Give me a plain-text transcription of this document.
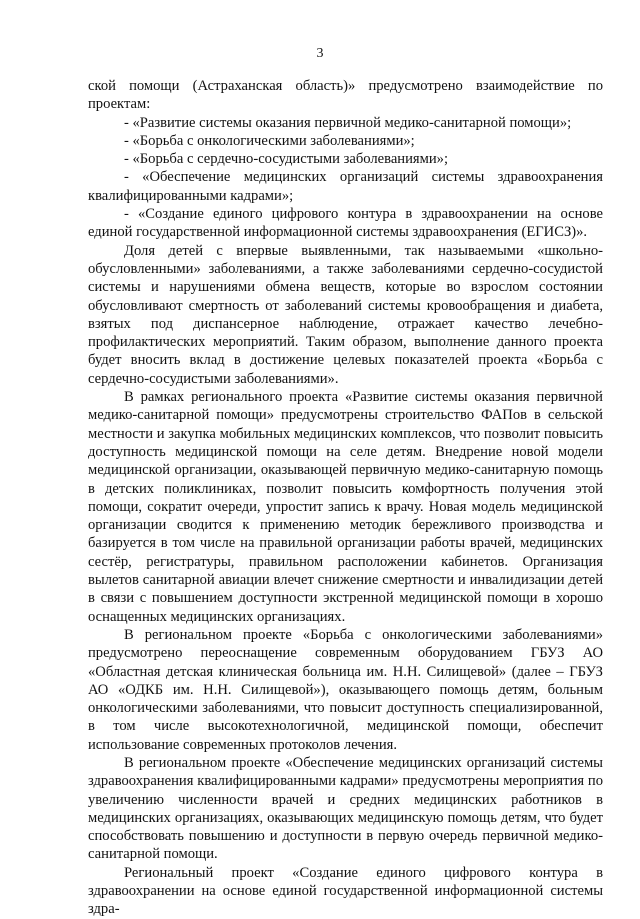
3

ской помощи (Астраханская область)» предусмотрено взаимодействие по проектам:

- «Развитие системы оказания первичной медико-санитарной помощи»;

- «Борьба с онкологическими заболеваниями»;

- «Борьба с сердечно-сосудистыми заболеваниями»;

- «Обеспечение медицинских организаций системы здравоохранения квалифицированными кадрами»;

- «Создание единого цифрового контура в здравоохранении на основе единой государственной информационной системы здравоохранения (ЕГИСЗ)».

Доля детей с впервые выявленными, так называемыми «школьно-обусловленными» заболеваниями, а также заболеваниями сердечно-сосудистой системы и нарушениями обмена веществ, которые во взрослом состоянии обусловливают смертность от заболеваний системы кровообращения и диабета, взятых под диспансерное наблюдение, отражает качество лечебно-профилактических мероприятий. Таким образом, выполнение данного проекта будет вносить вклад в достижение целевых показателей проекта «Борьба с сердечно-сосудистыми заболеваниями».

В рамках регионального проекта «Развитие системы оказания первичной медико-санитарной помощи» предусмотрены строительство ФАПов в сельской местности и закупка мобильных медицинских комплексов, что позволит повысить доступность медицинской помощи на селе детям. Внедрение новой модели медицинской организации, оказывающей первичную медико-санитарную помощь в детских поликлиниках, позволит повысить комфортность получения этой помощи, сократит очереди, упростит запись к врачу. Новая модель медицинской организации сводится к применению методик бережливого производства и базируется в том числе на правильной организации работы врачей, медицинских сестёр, регистратуры, правильном расположении кабинетов. Организация вылетов санитарной авиации влечет снижение смертности и инвалидизации детей в связи с повышением доступности экстренной медицинской помощи в хорошо оснащенных медицинских организациях.

В региональном проекте «Борьба с онкологическими заболеваниями» предусмотрено переоснащение современным оборудованием ГБУЗ АО «Областная детская клиническая больница им. Н.Н. Силищевой» (далее – ГБУЗ АО «ОДКБ им. Н.Н. Силищевой»), оказывающего помощь детям, больным онкологическими заболеваниями, что повысит доступность специализированной, в том числе высокотехнологичной, медицинской помощи, обеспечит использование современных протоколов лечения.

В региональном проекте «Обеспечение медицинских организаций системы здравоохранения квалифицированными кадрами» предусмотрены мероприятия по увеличению численности врачей и средних медицинских работников в медицинских организациях, оказывающих медицинскую помощь детям, что будет способствовать повышению и доступности в первую очередь первичной медико-санитарной помощи.

Региональный проект «Создание единого цифрового контура в здравоохранении на основе единой государственной информационной системы здра-
